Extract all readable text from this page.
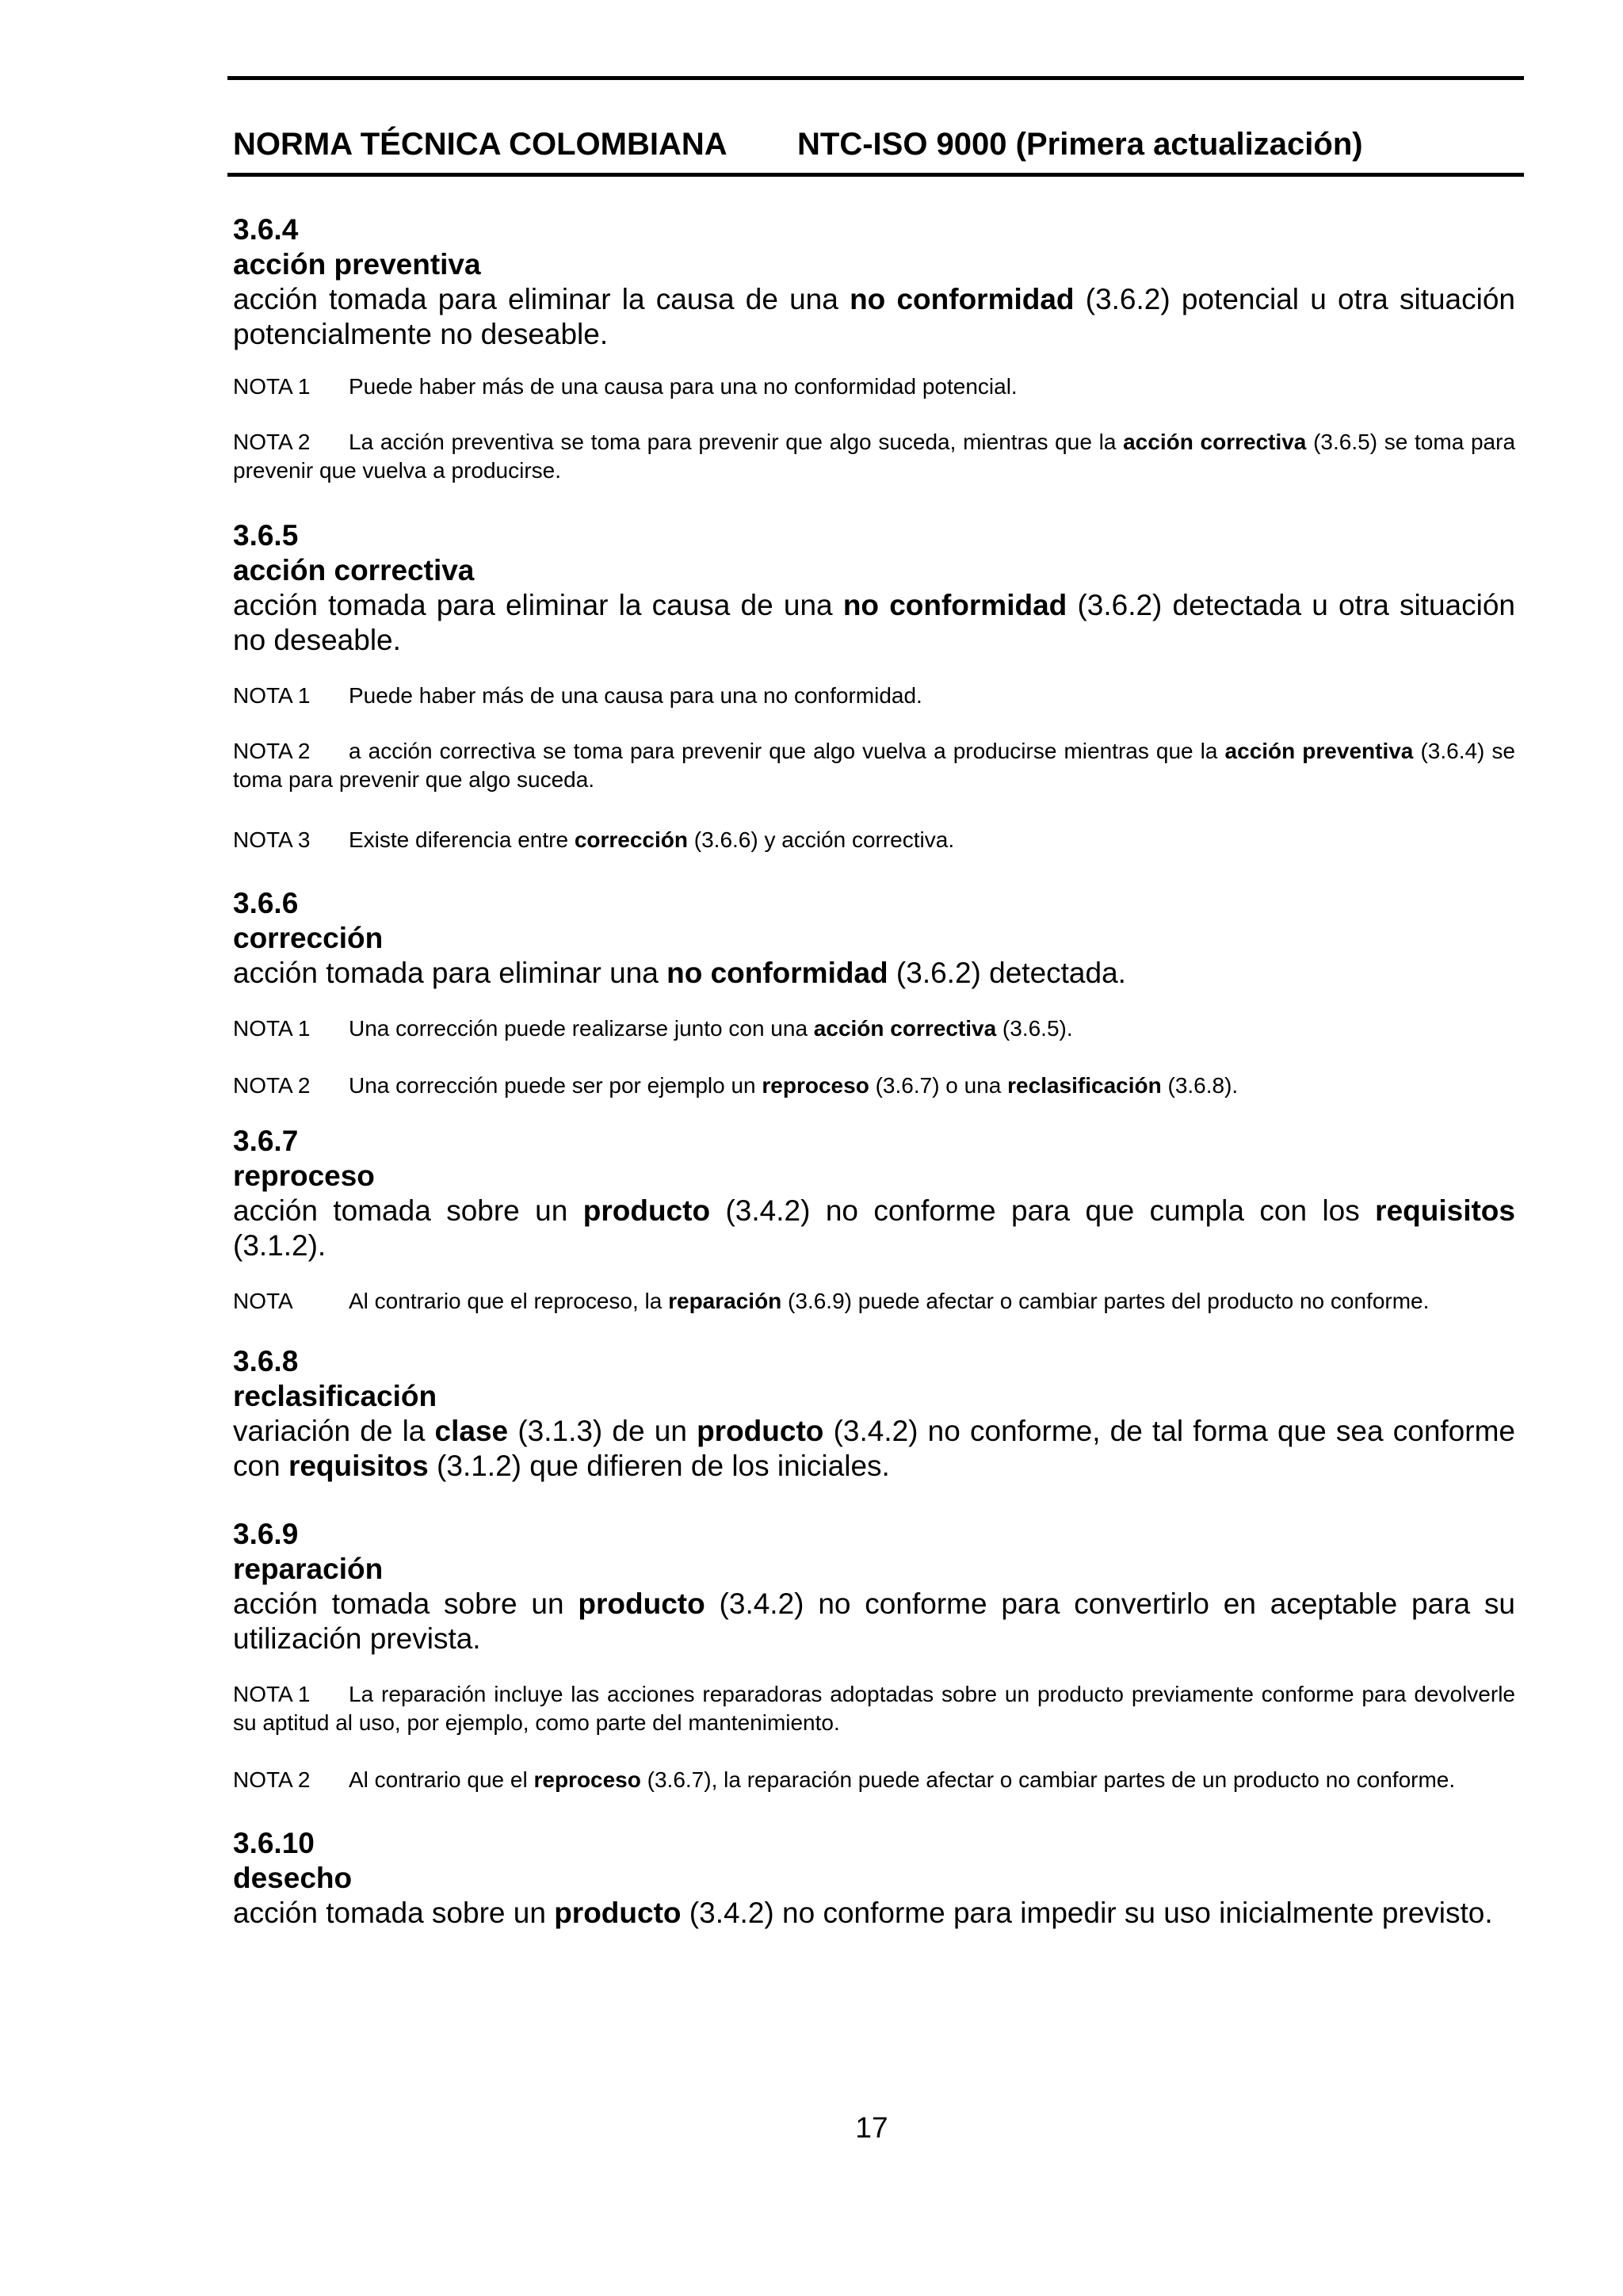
NORMA TÉCNICA COLOMBIANA NTC-ISO 9000 (Primera actualización)

3.6.4

acción preventiva

acción tomada para eliminar la causa de una no conformidad (3.6.2) potencial u otra situación potencialmente no deseable.

NOTA 1 Puede haber más de una causa para una no conformidad potencial.

NOTA 2 La acción preventiva se toma para prevenir que algo suceda, mientras que la acción correctiva (3.6.5) se toma para prevenir que vuelva a producirse.

3.6.5

acción correctiva

acción tomada para eliminar la causa de una no conformidad (3.6.2) detectada u otra situación no deseable.

NOTA 1 Puede haber más de una causa para una no conformidad.

NOTA 2 a acción correctiva se toma para prevenir que algo vuelva a producirse mientras que la acción preventiva (3.6.4) se toma para prevenir que algo suceda.

NOTA 3 Existe diferencia entre corrección (3.6.6) y acción correctiva.

3.6.6

corrección

acción tomada para eliminar una no conformidad (3.6.2) detectada.

NOTA 1 Una corrección puede realizarse junto con una acción correctiva (3.6.5).

NOTA 2 Una corrección puede ser por ejemplo un reproceso (3.6.7) o una reclasificación (3.6.8).

3.6.7

reproceso

acción tomada sobre un producto (3.4.2) no conforme para que cumpla con los requisitos (3.1.2).

NOTA	Al contrario que el reproceso, la reparación (3.6.9) puede afectar o cambiar partes del producto no conforme.

3.6.8

reclasificación

variación de la clase (3.1.3) de un producto (3.4.2) no conforme, de tal forma que sea conforme con requisitos (3.1.2) que difieren de los iniciales.

3.6.9

reparación

acción tomada sobre un producto (3.4.2) no conforme para convertirlo en aceptable para su utilización prevista.

NOTA 1 La reparación incluye las acciones reparadoras adoptadas sobre un producto previamente conforme para devolverle su aptitud al uso, por ejemplo, como parte del mantenimiento.

NOTA 2 Al contrario que el reproceso (3.6.7), la reparación puede afectar o cambiar partes de un producto no conforme.

3.6.10

desecho

acción tomada sobre un producto (3.4.2) no conforme para impedir su uso inicialmente previsto.

17
